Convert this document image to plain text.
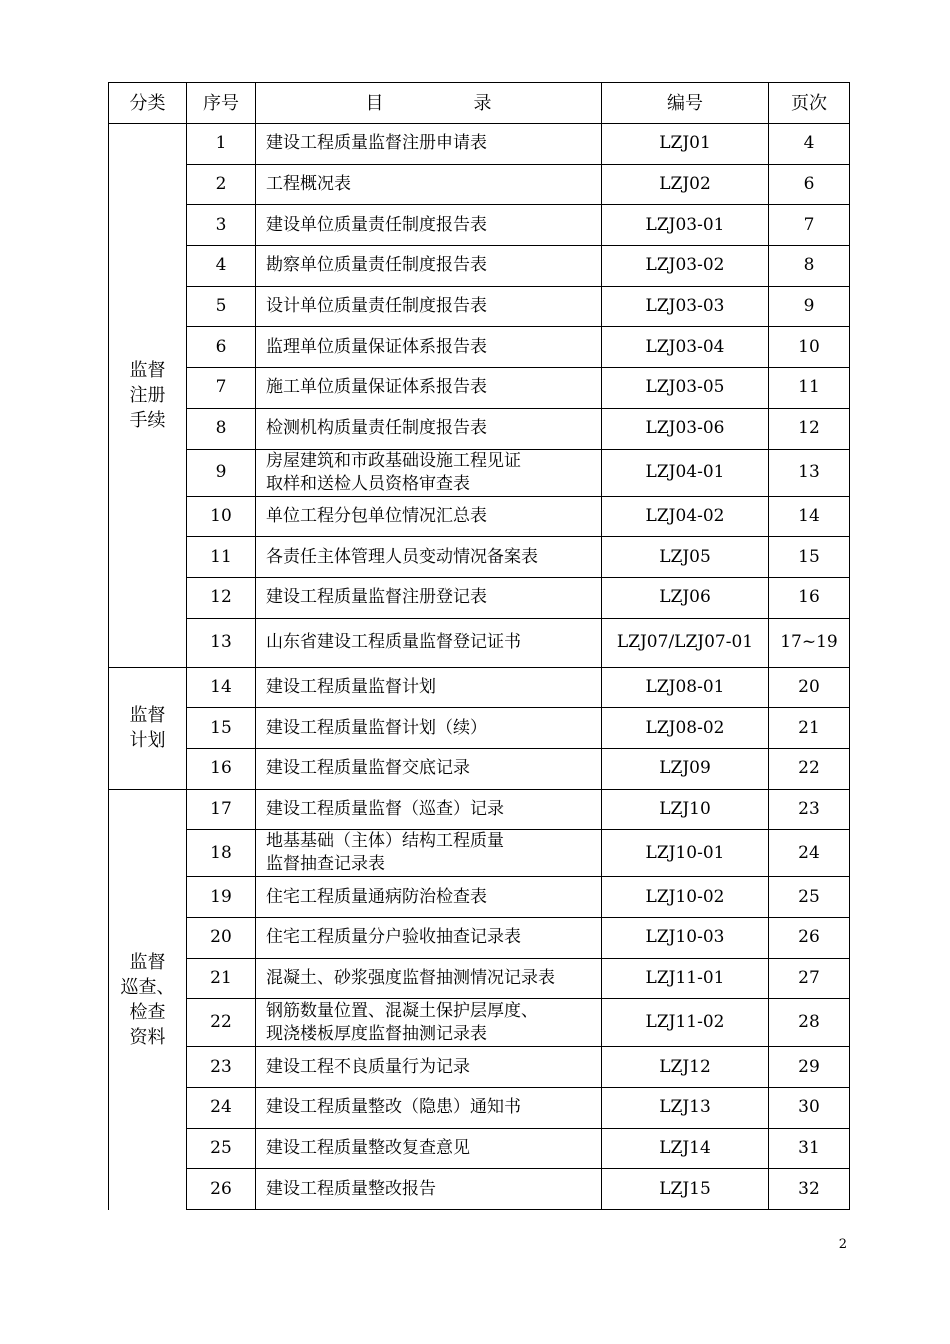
分类	序号	目 录	编号	页次

监督
注册
手续	1	建设工程质量监督注册申请表	LZJ01	4
	2	工程概况表	LZJ02	6
	3	建设单位质量责任制度报告表	LZJ03-01	7
	4	勘察单位质量责任制度报告表	LZJ03-02	8
	5	设计单位质量责任制度报告表	LZJ03-03	9
	6	监理单位质量保证体系报告表	LZJ03-04	10
	7	施工单位质量保证体系报告表	LZJ03-05	11
	8	检测机构质量责任制度报告表	LZJ03-06	12
	9	房屋建筑和市政基础设施工程见证
取样和送检人员资格审查表	LZJ04-01	13
	10	单位工程分包单位情况汇总表	LZJ04-02	14
	11	各责任主体管理人员变动情况备案表	LZJ05	15
	12	建设工程质量监督注册登记表	LZJ06	16
	13	山东省建设工程质量监督登记证书	LZJ07/LZJ07-01	17~19

监督
计划	14	建设工程质量监督计划	LZJ08-01	20
	15	建设工程质量监督计划（续）	LZJ08-02	21
	16	建设工程质量监督交底记录	LZJ09	22

监督
巡查、
检查
资料	17	建设工程质量监督（巡查）记录	LZJ10	23
	18	地基基础（主体）结构工程质量
监督抽查记录表	LZJ10-01	24
	19	住宅工程质量通病防治检查表	LZJ10-02	25
	20	住宅工程质量分户验收抽查记录表	LZJ10-03	26
	21	混凝土、砂浆强度监督抽测情况记录表	LZJ11-01	27
	22	钢筋数量位置、混凝土保护层厚度、
现浇楼板厚度监督抽测记录表	LZJ11-02	28
	23	建设工程不良质量行为记录	LZJ12	29
	24	建设工程质量整改（隐患）通知书	LZJ13	30
	25	建设工程质量整改复查意见	LZJ14	31
	26	建设工程质量整改报告	LZJ15	32
2
